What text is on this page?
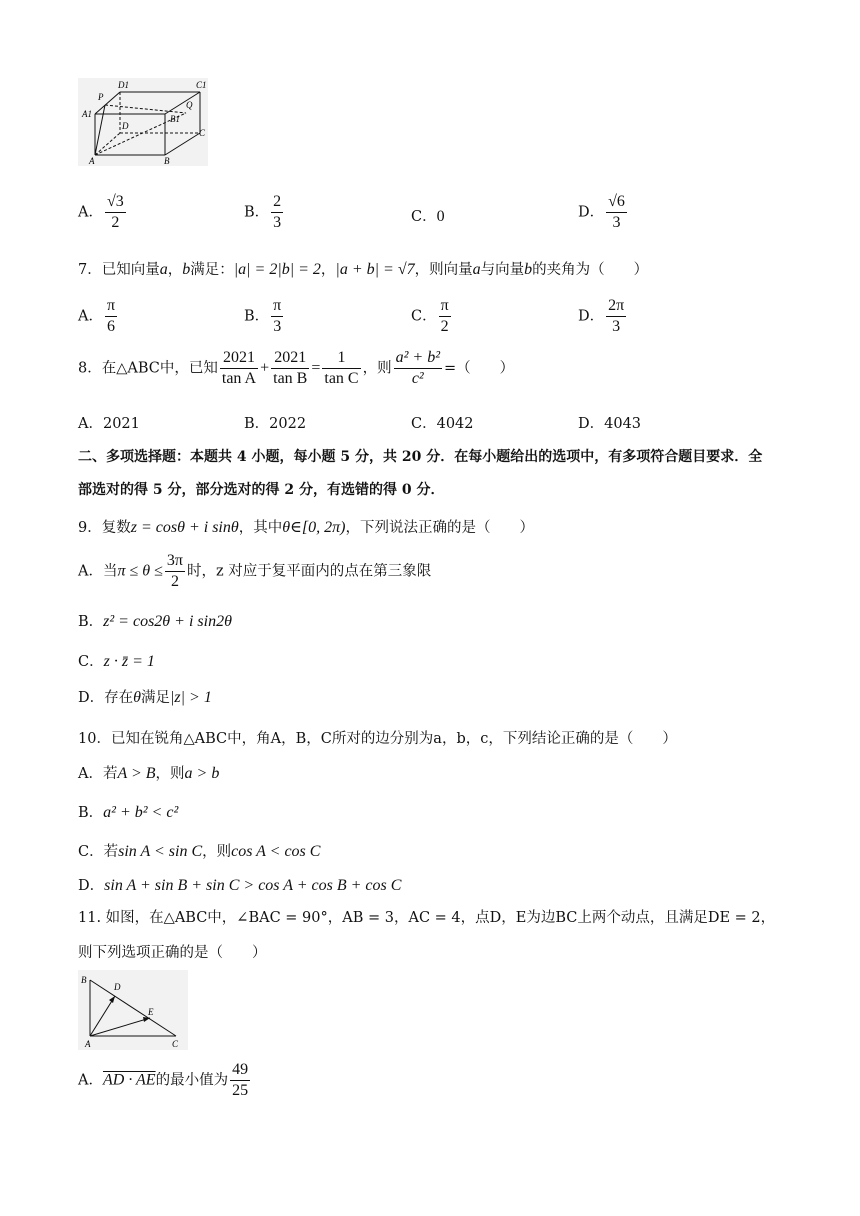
D1	C1
P
Q
A1	B1
D
C
A	B
A． $\frac{√3}{2}$	B． $\frac{2}{3}$	C．0	D． $\frac{√6}{3}$
7．已知向量a，b满足：|a| = 2|b| = 2，|a + b| = √7，则向量a与向量b的夹角为（　　）
A． $\frac{\pi}{6}$	B． $\frac{\pi}{3}$	C． $\frac{\pi}{2}$	D． $\frac{2\pi}{3}$
8．在△ABC中，已知 $\frac{2021}{\text{tan A}} + \frac{2021}{\text{tan B}} = \frac{1}{\text{tan C}}$ ，则 $\frac{\text{a² + b²}}{\text{c²}}$ =（　　）
A．2021	B．2022	C．4042	D．4043
二、多项选择题：本题共 4 小题，每小题 5 分，共 20 分．在每小题给出的选项中，有多项符合题目要求．全
部选对的得 5 分，部分选对的得 2 分，有选错的得 0 分．
9．复数z = cosθ + i sinθ，其中θ∈[0, 2π)，下列说法正确的是（　　）
A．当$\pi \le \theta \le \frac{3\pi}{2}$ 时，z 对应于复平面内的点在第三象限
B．z² = cos2θ + i sin2θ
C．z · z̄ = 1
D．存在θ满足|z| > 1
10．已知在锐角△ABC中，角A，B，C所对的边分别为a，b，c，下列结论正确的是（　　）
A．若A > B，则a > b
B．a² + b² < c²
C．若sin A < sin C，则cos A < cos C
D．sin A + sin B + sin C > cos A + cos B + cos C
11. 如图，在△ABC中，∠BAC = 90°，AB = 3，AC = 4，点D，E为边BC上两个动点，且满足DE = 2，
则下列选项正确的是（　　）
B
D
E
A	C
A．AD · AE的最小值为 $\frac{49}{25}$
